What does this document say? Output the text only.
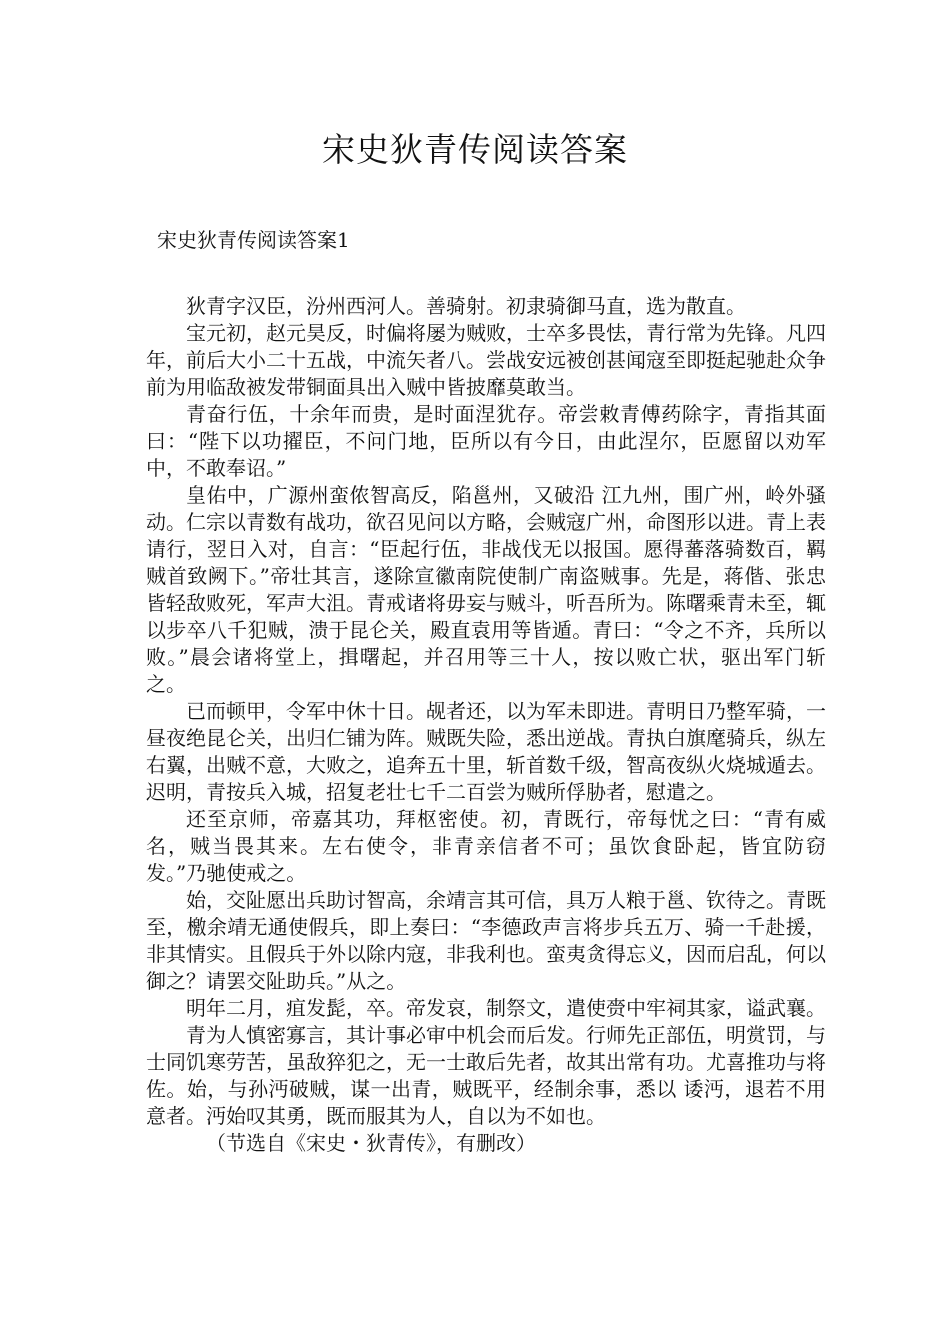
宋史狄青传阅读答案
宋史狄青传阅读答案1

狄青字汉臣，汾州西河人。善骑射。初隶骑御马直，选为散直。

宝元初，赵元昊反，时偏将屡为贼败，士卒多畏怯，青行常为先锋。凡四年，前后大小二十五战，中流矢者八。尝战安远被创甚闻寇至即挺起驰赴众争前为用临敌被发带铜面具出入贼中皆披靡莫敢当。

青奋行伍，十余年而贵，是时面涅犹存。帝尝敕青傅药除字，青指其面曰：“陛下以功擢臣，不问门地，臣所以有今日，由此涅尔，臣愿留以劝军中，不敢奉诏。”

皇佑中，广源州蛮侬智高反，陷邕州，又破沿 江九州，围广州，岭外骚动。仁宗以青数有战功，欲召见问以方略，会贼寇广州，命图形以进。青上表请行，翌日入对，自言：“臣起行伍，非战伐无以报国。愿得蕃落骑数百，羁贼首致阙下。”帝壮其言，遂除宣徽南院使制广南盗贼事。先是，蒋偕、张忠皆轻敌败死，军声大沮。青戒诸将毋妄与贼斗，听吾所为。陈曙乘青未至，辄以步卒八千犯贼，溃于昆仑关，殿直袁用等皆遁。青曰：“令之不齐，兵所以败。”晨会诸将堂上，揖曙起，并召用等三十人，按以败亡状，驱出军门斩之。

已而顿甲，令军中休十日。觇者还，以为军未即进。青明日乃整军骑，一昼夜绝昆仑关，出归仁铺为阵。贼既失险，悉出逆战。青执白旗麾骑兵，纵左右翼，出贼不意，大败之，追奔五十里，斩首数千级，智高夜纵火烧城遁去。迟明，青按兵入城，招复老壮七千二百尝为贼所俘胁者，慰遣之。

还至京师，帝嘉其功，拜枢密使。初，青既行，帝每忧之曰：“青有威名，贼当畏其来。左右使令，非青亲信者不可；虽饮食卧起，皆宜防窃发。”乃驰使戒之。

始，交阯愿出兵助讨智高，余靖言其可信，具万人粮于邕、钦待之。青既至，檄余靖无通使假兵，即上奏曰：“李德政声言将步兵五万、骑一千赴援，非其情实。且假兵于外以除内寇，非我利也。蛮夷贪得忘义，因而启乱，何以御之？请罢交阯助兵。”从之。

明年二月，疽发髭，卒。帝发哀，制祭文，遣使赍中牢祠其家，谥武襄。

青为人慎密寡言，其计事必审中机会而后发。行师先正部伍，明赏罚，与士同饥寒劳苦，虽敌猝犯之，无一士敢后先者，故其出常有功。尤喜推功与将佐。始，与孙沔破贼，谋一出青，贼既平，经制余事，悉以 诿沔，退若不用意者。沔始叹其勇，既而服其为人，自以为不如也。

（节选自《宋史・狄青传》，有删改）
